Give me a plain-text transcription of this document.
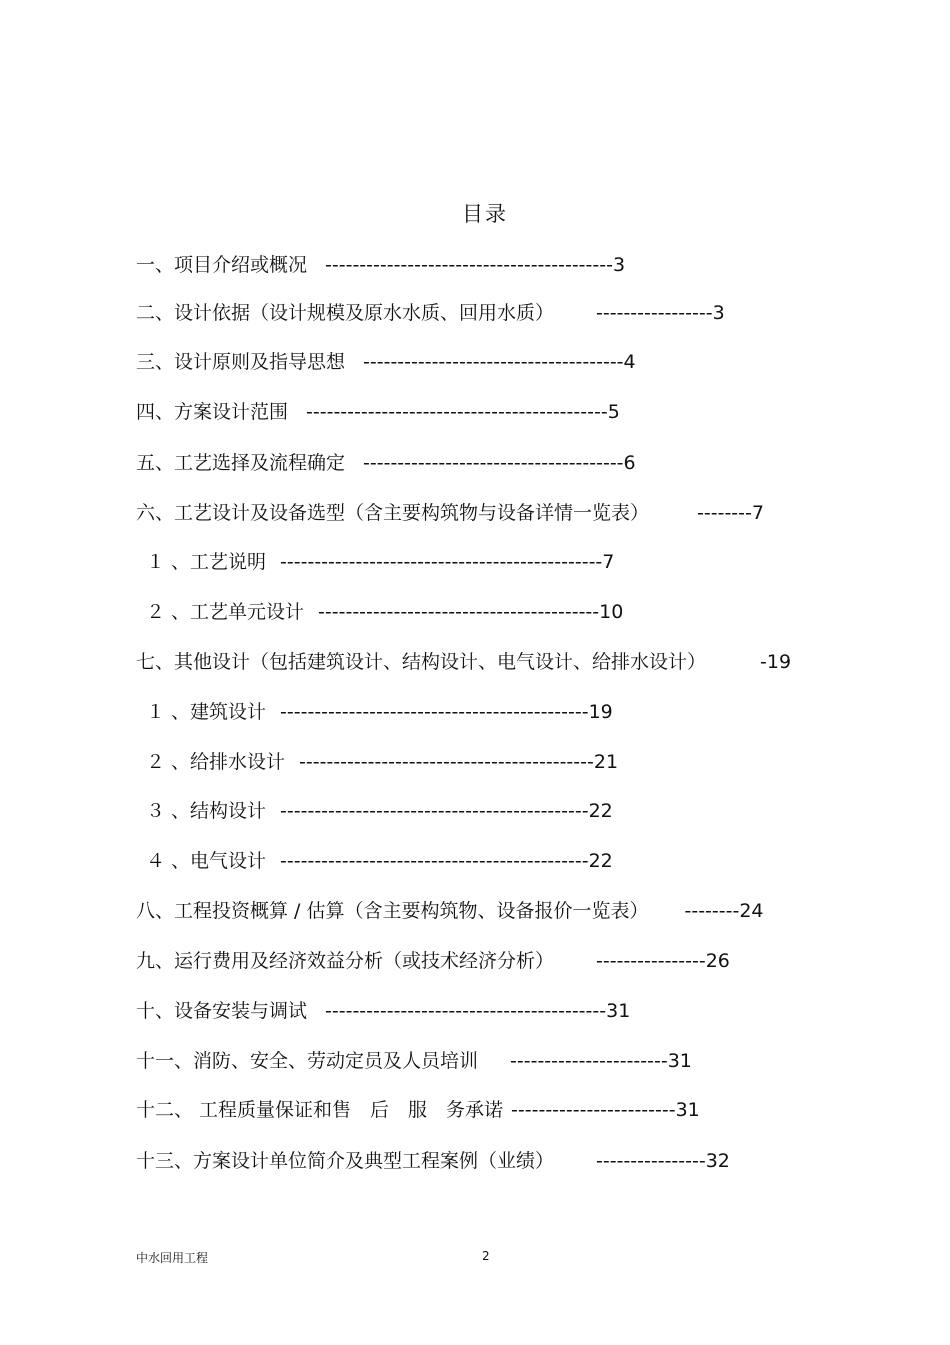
目录
一、项目介绍或概况 ------------------------------------------3
二、设计依据（设计规模及原水水质、回用水质） -----------------3
三、设计原则及指导思想 --------------------------------------4
四、方案设计范围 --------------------------------------------5
五、工艺选择及流程确定 --------------------------------------6
六、工艺设计及设备选型（含主要构筑物与设备详情一览表）	--------7
１ 、工艺说明 -----------------------------------------------7
２ 、工艺单元设计 -----------------------------------------10
七、其他设计（包括建筑设计、结构设计、电气设计、给排水设计）	-19
１ 、建筑设计 ---------------------------------------------19
２ 、给排水设计 -------------------------------------------21
３ 、结构设计 ---------------------------------------------22
４ 、电气设计 ---------------------------------------------22
八、工程投资概算 / 估算（含主要构筑物、设备报价一览表） --------24
九、运行费用及经济效益分析（或技术经济分析） ----------------26
十、设备安装与调试 -----------------------------------------31
十一、消防、安全、劳动定员及人员培训 -----------------------31
十二、 工程质量保证和售　后　服　务承诺 ------------------------31
十三、方案设计单位简介及典型工程案例（业绩） ----------------32
中水回用工程	2
